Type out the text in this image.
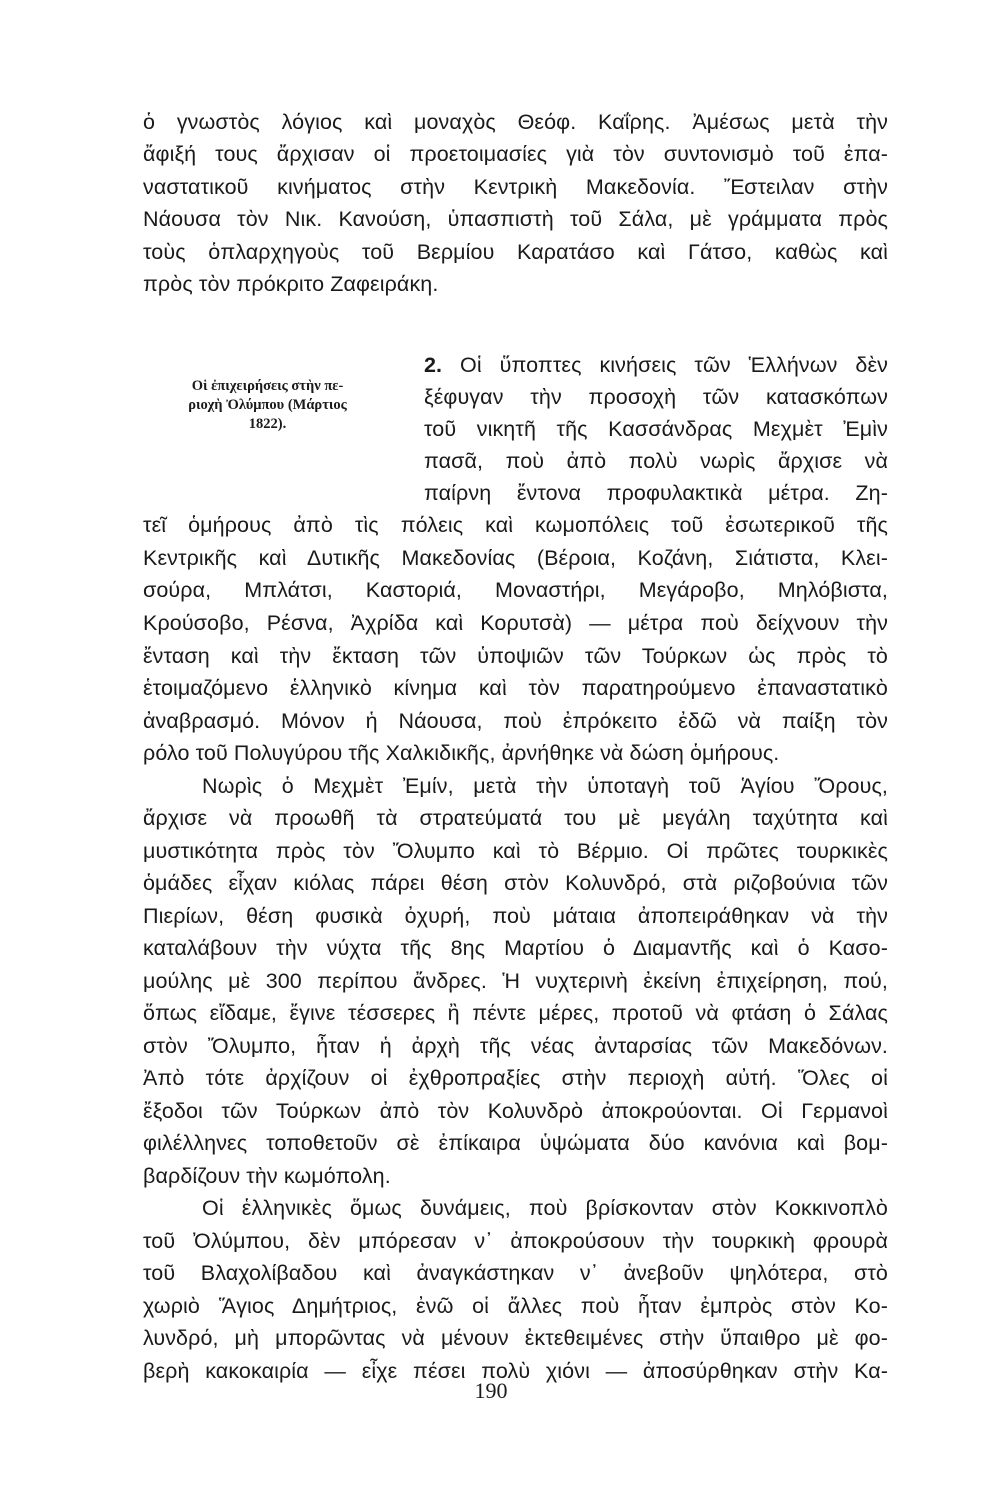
ὁ γνωστὸς λόγιος καὶ μοναχὸς Θεόφ. Καΐρης. Ἀμέσως μετὰ τὴν

ἄφιξή τους ἄρχισαν οἱ προετοιμασίες γιὰ τὸν συντονισμὸ τοῦ ἐπα-

ναστατικοῦ κινήματος στὴν Κεντρικὴ Μακεδονία. Ἔστειλαν στὴν

Νάουσα τὸν Νικ. Κανούση, ὑπασπιστὴ τοῦ Σάλα, μὲ γράμματα πρὸς

τοὺς ὁπλαρχηγοὺς τοῦ Βερμίου Καρατάσο καὶ Γάτσο, καθὼς καὶ

πρὸς τὸν πρόκριτο Ζαφειράκη.

Οἱ ἐπιχειρήσεις στὴν πε-
ριοχὴ Ὀλύμπου (Μάρτιος
1822).

2. Οἱ ὕποπτες κινήσεις τῶν Ἑλλήνων δὲν

ξέφυγαν τὴν προσοχὴ τῶν κατασκόπων

τοῦ νικητῆ τῆς Κασσάνδρας Μεχμὲτ Ἐμὶν

πασᾶ, ποὺ ἀπὸ πολὺ νωρὶς ἄρχισε νὰ

παίρνη ἔντονα προφυλακτικὰ μέτρα. Ζη-

τεῖ ὁμήρους ἀπὸ τὶς πόλεις καὶ κωμοπόλεις τοῦ ἐσωτερικοῦ τῆς

Κεντρικῆς καὶ Δυτικῆς Μακεδονίας (Βέροια, Κοζάνη, Σιάτιστα, Κλει-

σούρα, Μπλάτσι, Καστοριά, Μοναστήρι, Μεγάροβο, Μηλόβιστα,

Κρούσοβο, Ρέσνα, Ἀχρίδα καὶ Κορυτσὰ) — μέτρα ποὺ δείχνουν τὴν

ἔνταση καὶ τὴν ἔκταση τῶν ὑποψιῶν τῶν Τούρκων ὡς πρὸς τὸ

ἑτοιμαζόμενο ἑλληνικὸ κίνημα καὶ τὸν παρατηρούμενο ἐπαναστατικὸ

ἀναβρασμό. Μόνον ἡ Νάουσα, ποὺ ἐπρόκειτο ἐδῶ νὰ παίξη τὸν

ρόλο τοῦ Πολυγύρου τῆς Χαλκιδικῆς, ἀρνήθηκε νὰ δώση ὁμήρους.

Νωρὶς ὁ Μεχμὲτ Ἐμίν, μετὰ τὴν ὑποταγὴ τοῦ Ἁγίου Ὄρους,

ἄρχισε νὰ προωθῆ τὰ στρατεύματά του μὲ μεγάλη ταχύτητα καὶ

μυστικότητα πρὸς τὸν Ὄλυμπο καὶ τὸ Βέρμιο. Οἱ πρῶτες τουρκικὲς

ὁμάδες εἶχαν κιόλας πάρει θέση στὸν Κολυνδρό, στὰ ριζοβούνια τῶν

Πιερίων, θέση φυσικὰ ὀχυρή, ποὺ μάταια ἀποπειράθηκαν νὰ τὴν

καταλάβουν τὴν νύχτα τῆς 8ης Μαρτίου ὁ Διαμαντῆς καὶ ὁ Κασο-

μούλης μὲ 300 περίπου ἄνδρες. Ἡ νυχτερινὴ ἐκείνη ἐπιχείρηση, πού,

ὅπως εἴδαμε, ἔγινε τέσσερες ἢ πέντε μέρες, προτοῦ νὰ φτάση ὁ Σάλας

στὸν Ὄλυμπο, ἦταν ἡ ἀρχὴ τῆς νέας ἀνταρσίας τῶν Μακεδόνων.

Ἀπὸ τότε ἀρχίζουν οἱ ἐχθροπραξίες στὴν περιοχὴ αὐτή. Ὅλες οἱ

ἔξοδοι τῶν Τούρκων ἀπὸ τὸν Κολυνδρὸ ἀποκρούονται. Οἱ Γερμανοὶ

φιλέλληνες τοποθετοῦν σὲ ἐπίκαιρα ὑψώματα δύο κανόνια καὶ βομ-

βαρδίζουν τὴν κωμόπολη.

Οἱ ἑλληνικὲς ὅμως δυνάμεις, ποὺ βρίσκονταν στὸν Κοκκινοπλὸ

τοῦ Ὀλύμπου, δὲν μπόρεσαν ν᾿ ἀποκρούσουν τὴν τουρκικὴ φρουρὰ

τοῦ Βλαχολίβαδου καὶ ἀναγκάστηκαν ν᾿ ἀνεβοῦν ψηλότερα, στὸ

χωριὸ Ἅγιος Δημήτριος, ἐνῶ οἱ ἄλλες ποὺ ἦταν ἐμπρὸς στὸν Κο-

λυνδρό, μὴ μπορῶντας νὰ μένουν ἐκτεθειμένες στὴν ὕπαιθρο μὲ φο-

βερὴ κακοκαιρία — εἶχε πέσει πολὺ χιόνι — ἀποσύρθηκαν στὴν Κα-

190
